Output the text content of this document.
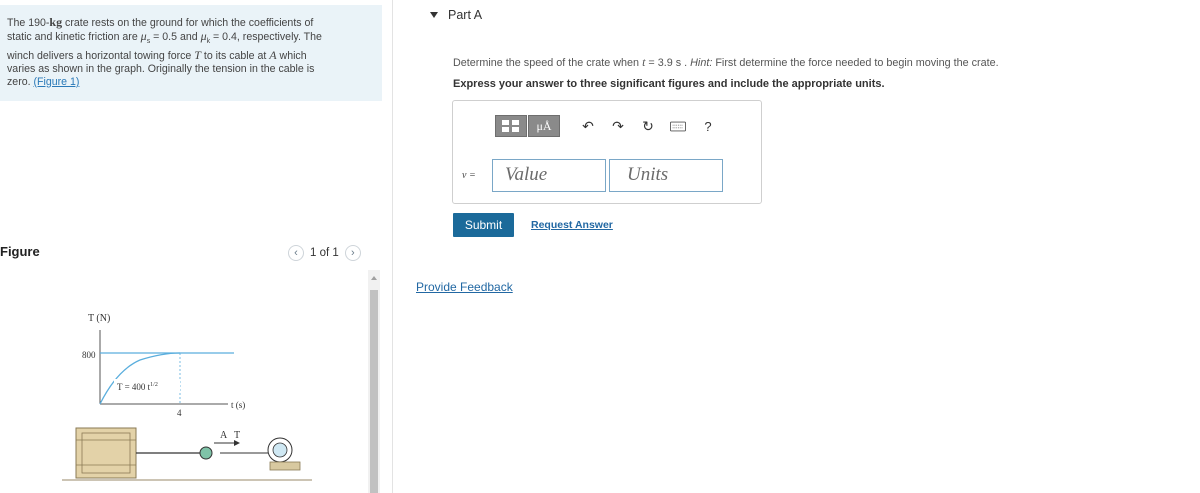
The 190-kg crate rests on the ground for which the coefficients of
static and kinetic friction are $\mu_s = 0.5$ and $\mu_k = 0.4$, respectively. The
winch delivers a horizontal towing force T to its cable at A which
varies as shown in the graph. Originally the tension in the cable is
zero. (Figure 1)
Figure	‹	1 of 1	›
T (N)
800
T = 400 $t^{1/2}$
4
t (s)
A T
Part A
Determine the speed of the crate when t = 3.9 s . Hint: First determine the force needed to begin moving the crate.
Express your answer to three significant figures and include the appropriate units.
μÅ	↶ ↷ ↻	?
v =	Value	Units
Submit	Request Answer
Provide Feedback
